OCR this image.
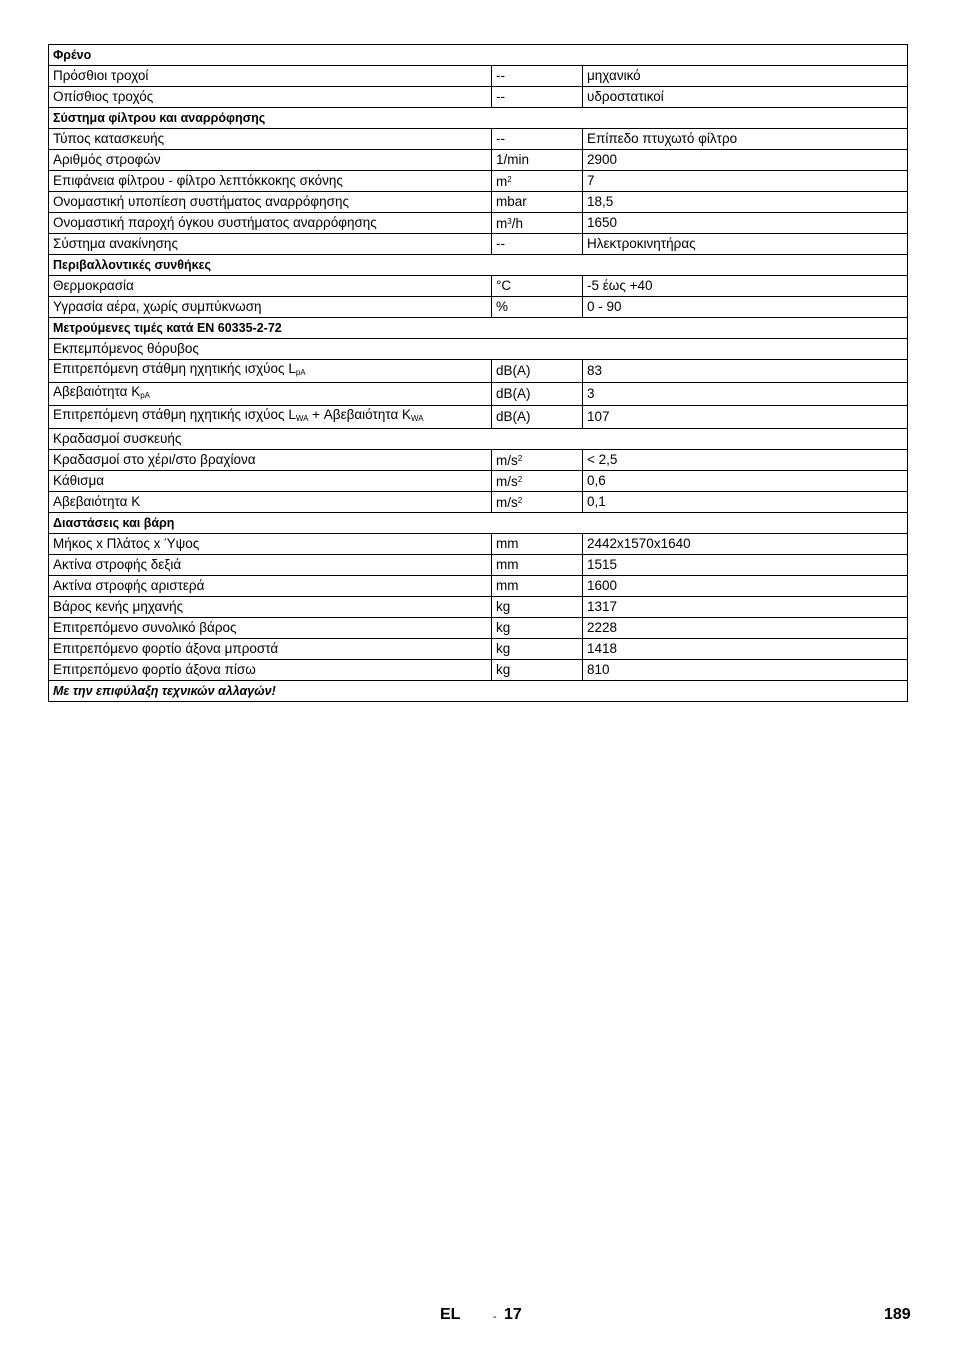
Φρένο		
Πρόσθιοι τροχοί	--	μηχανικό
Οπίσθιος τροχός	--	υδροστατικοί
Σύστημα φίλτρου και αναρρόφησης		
Τύπος κατασκευής	--	Επίπεδο πτυχωτό φίλτρο
Αριθμός στροφών	1/min	2900
Επιφάνεια φίλτρου - φίλτρο λεπτόκκοκης σκόνης	$m^2$	7
Ονομαστική υποπίεση συστήματος αναρρόφησης	mbar	18,5
Ονομαστική παροχή όγκου συστήματος αναρρόφησης	$m^3/h$	1650
Σύστημα ανακίνησης	--	Ηλεκτροκινητήρας
Περιβαλλοντικές συνθήκες		
Θερμοκρασία	°C	-5 έως +40
Υγρασία αέρα, χωρίς συμπύκνωση	%	0 - 90
Μετρούμενες τιμές κατά EN 60335-2-72		
Εκπεμπόμενος θόρυβος		
Επιτρεπόμενη στάθμη ηχητικής ισχύος $L_{pA}$	dB(A)	83
Αβεβαιότητα $K_{pA}$	dB(A)	3
Επιτρεπόμενη στάθμη ηχητικής ισχύος $L_{WA} + A\beta\varepsilon\beta\alpha\iota ό\tau\eta\tau\alpha$ $K_{WA}$	dB(A)	107
Κραδασμοί συσκευής		
Κραδασμοί στο χέρι/στο βραχίονα	$m/s^2$	< 2,5
Κάθισμα	$m/s^2$	0,6
Αβεβαιότητα K	$m/s^2$	0,1
Διαστάσεις και βάρη		
Μήκος x Πλάτος x Ύψος	mm	2442x1570x1640
Ακτίνα στροφής δεξιά	mm	1515
Ακτίνα στροφής αριστερά	mm	1600
Βάρος κενής μηχανής	kg	1317
Επιτρεπόμενο συνολικό βάρος	kg	2228
Επιτρεπόμενο φορτίο άξονα μπροστά	kg	1418
Επιτρεπόμενο φορτίο άξονα πίσω	kg	810
Με την επιφύλαξη τεχνικών αλλαγών!		
EL	- 17	189
